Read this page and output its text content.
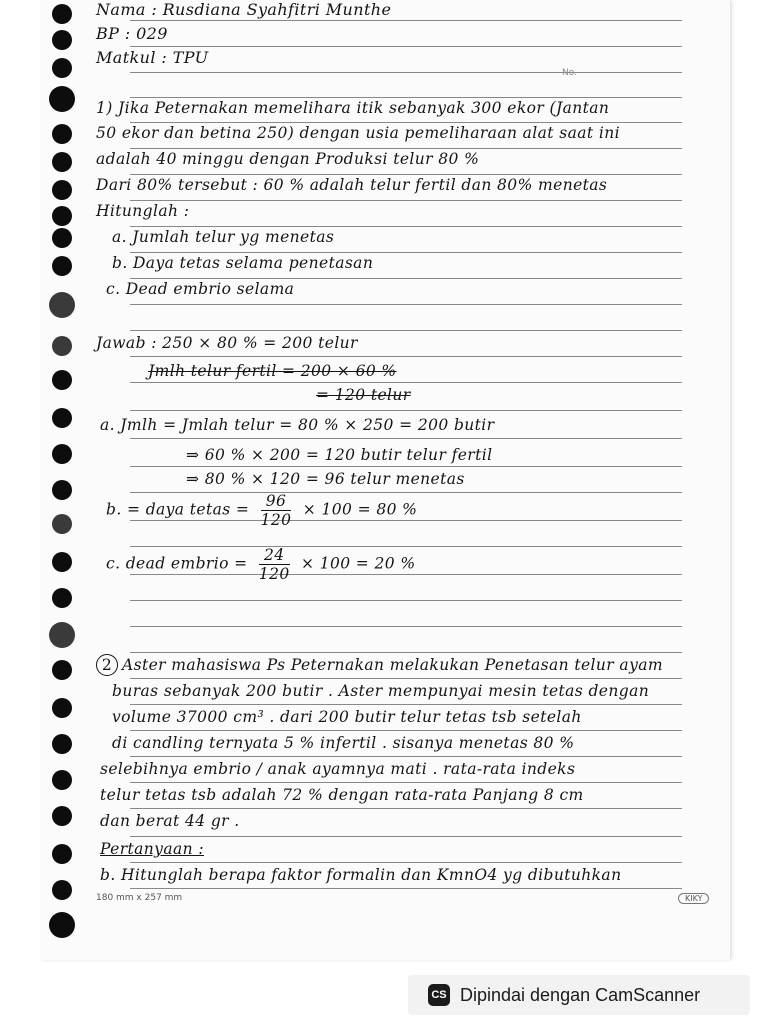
Nama : Rusdiana Syahfitri Munthe
BP : 029
Matkul : TPU
No.
1) Jika Peternakan memelihara itik sebanyak 300 ekor (Jantan
50 ekor dan betina 250) dengan usia pemeliharaan alat saat ini
adalah 40 minggu dengan Produksi telur 80 %
Dari 80% tersebut : 60 % adalah telur fertil dan 80% menetas
Hitunglah :
a. Jumlah telur yg menetas
b. Daya tetas selama penetasan
c. Dead embrio selama
Jawab : 250 × 80 % = 200 telur
Jmlh telur fertil = 200 × 60 %
= 120 telur
a. Jmlh = Jmlah telur = 80 % × 250 = 200 butir
⇒ 60 % × 200 = 120 butir telur fertil
⇒ 80 % × 120 = 96 telur menetas
b. = daya tetas = $\frac{96}{120} \times 100 = 80$ %
c. dead embrio = $\frac{24}{120} \times 100 = 20$ %
2 Aster mahasiswa Ps Peternakan melakukan Penetasan telur ayam
buras sebanyak 200 butir . Aster mempunyai mesin tetas dengan
volume 37000 cm³ . dari 200 butir telur tetas tsb setelah
di candling ternyata 5 % infertil . sisanya menetas 80 %
selebihnya embrio / anak ayamnya mati . rata-rata indeks
telur tetas tsb adalah 72 % dengan rata-rata Panjang 8 cm
dan berat 44 gr .
Pertanyaan :
b. Hitunglah berapa faktor formalin dan KmnO4 yg dibutuhkan
180 mm x 257 mm	KIKY
CS Dipindai dengan CamScanner
